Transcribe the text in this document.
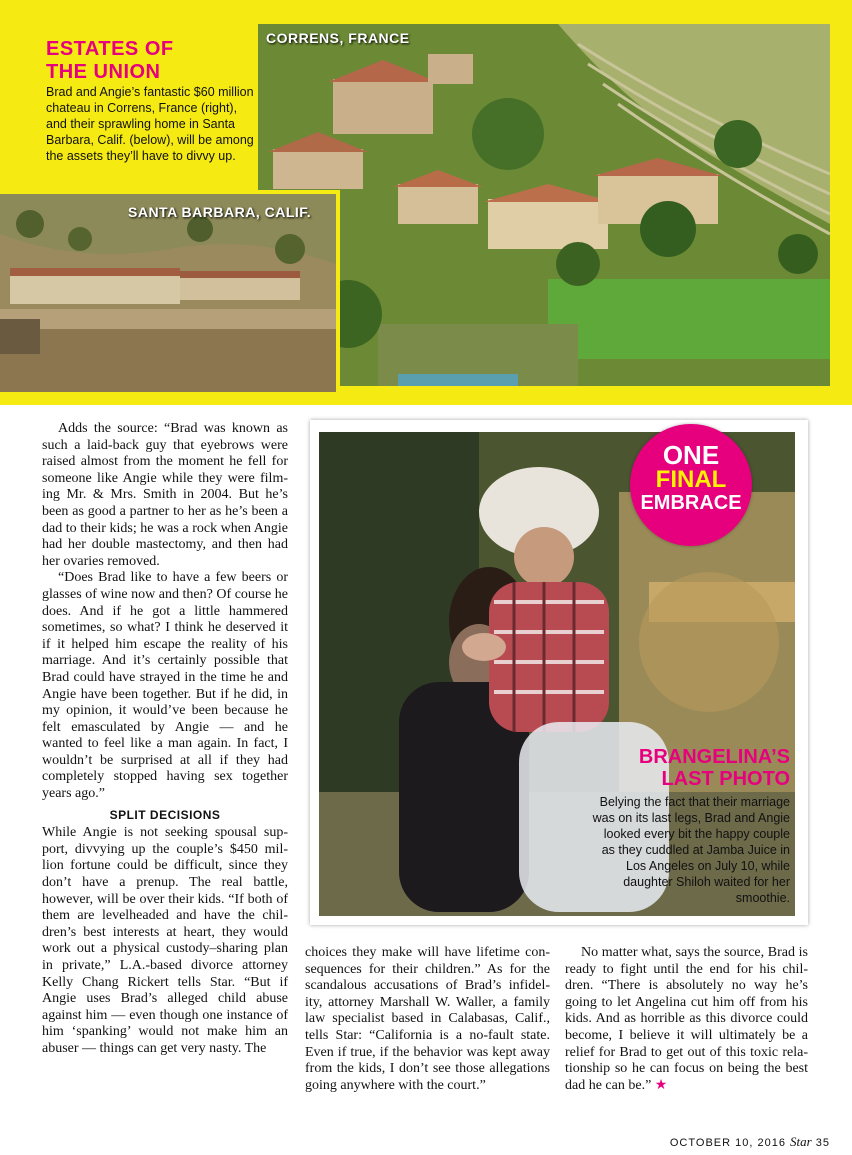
CORRENS, FRANCE
SANTA BARBARA, CALIF.
ESTATES OF
THE UNION

Brad and Angie’s fantastic $60 million chateau in Correns, France (right), and their sprawling home in Santa Barbara, Calif. (below), will be among the assets they’ll have to divvy up.

Adds the source: “Brad was known as such a laid-back guy that eyebrows were raised almost from the moment he fell for someone like Angie while they were film-ing Mr. & Mrs. Smith in 2004. But he’s been as good a partner to her as he’s been a dad to their kids; he was a rock when Angie had her double mastectomy, and then had her ovaries removed.

“Does Brad like to have a few beers or glasses of wine now and then? Of course he does. And if he got a little hammered sometimes, so what? I think he deserved it if it helped him escape the reality of his marriage. And it’s certainly possible that Brad could have strayed in the time he and Angie have been together. But if he did, in my opinion, it would’ve been because he felt emasculated by Angie — and he wanted to feel like a man again. In fact, I wouldn’t be surprised at all if they had completely stopped having sex together years ago.”

SPLIT DECISIONS

While Angie is not seeking spousal sup-port, divvying up the couple’s $450 mil-lion fortune could be difficult, since they don’t have a prenup. The real battle, however, will be over their kids. “If both of them are levelheaded and have the chil-dren’s best interests at heart, they would work out a physical custody–sharing plan in private,” L.A.-based divorce attorney Kelly Chang Rickert tells Star. “But if Angie uses Brad’s alleged child abuse against him — even though one instance of him ‘spanking’ would not make him an abuser — things can get very nasty. The

ONE
FINAL
EMBRACE
BRANGELINA’S
LAST PHOTO

Belying the fact that their marriage was on its last legs, Brad and Angie looked every bit the happy couple as they cuddled at Jamba Juice in Los Angeles on July 10, while daughter Shiloh waited for her smoothie.

choices they make will have lifetime con-sequences for their children.” As for the scandalous accusations of Brad’s infidel-ity, attorney Marshall W. Waller, a family law specialist based in Calabasas, Calif., tells Star: “California is a no-fault state. Even if true, if the behavior was kept away from the kids, I don’t see those allegations going anywhere with the court.”

No matter what, says the source, Brad is ready to fight until the end for his chil-dren. “There is absolutely no way he’s going to let Angelina cut him off from his kids. And as horrible as this divorce could become, I believe it will ultimately be a relief for Brad to get out of this toxic rela-tionship so he can focus on being the best dad he can be.” ★

OCTOBER 10, 2016 Star 35
